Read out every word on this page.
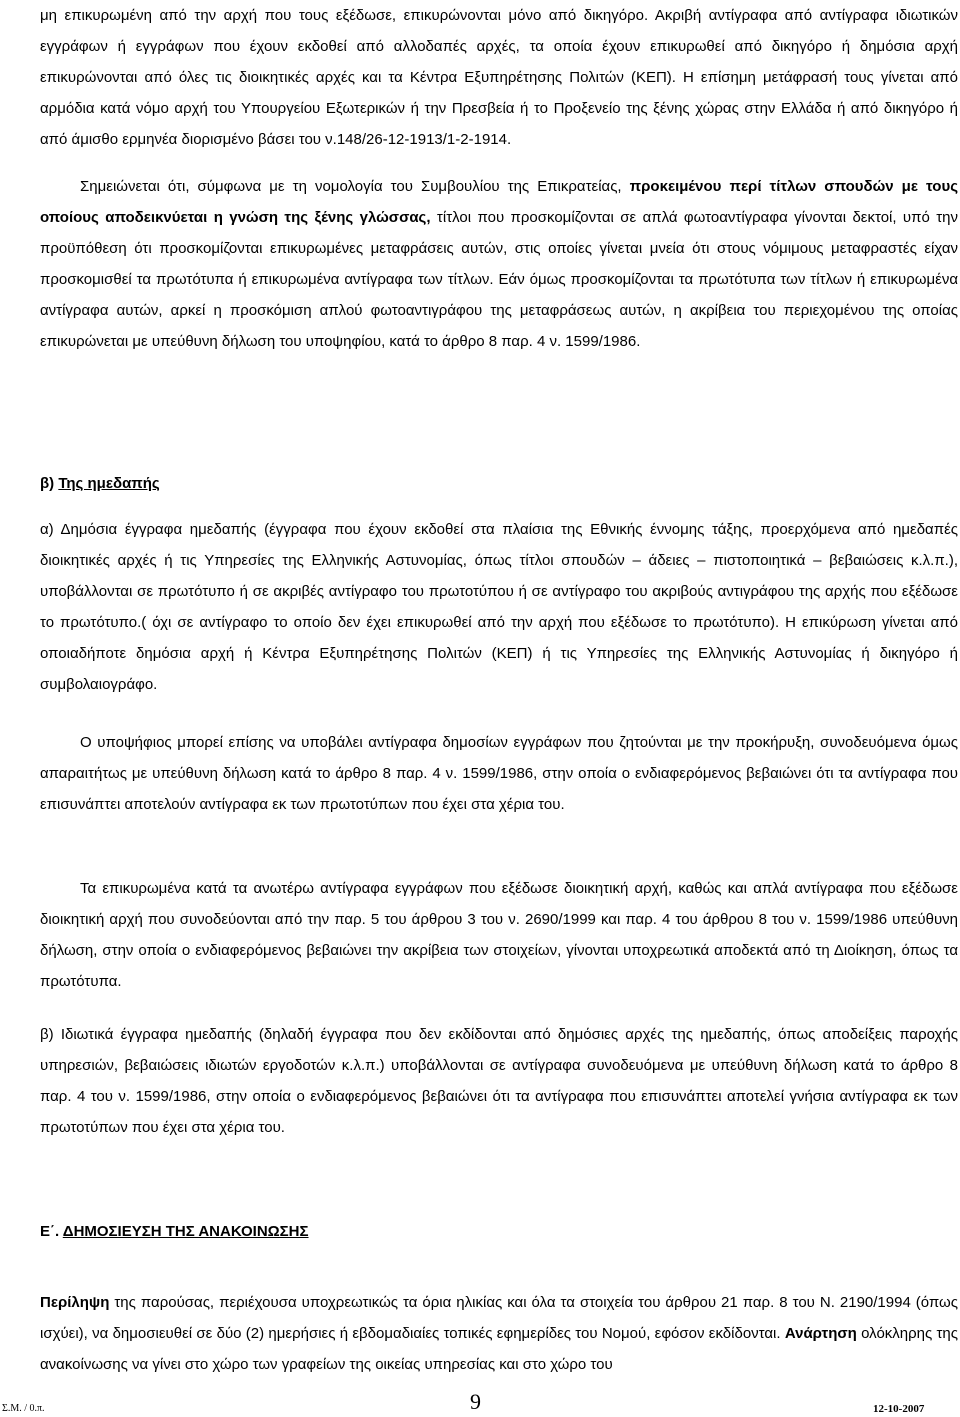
μη επικυρωμένη από την αρχή που τους εξέδωσε, επικυρώνονται μόνο από δικηγόρο. Ακριβή αντίγραφα από αντίγραφα ιδιωτικών εγγράφων ή εγγράφων που έχουν εκδοθεί από αλλοδαπές αρχές, τα οποία έχουν επικυρωθεί από δικηγόρο ή δημόσια αρχή επικυρώνονται από όλες τις διοικητικές αρχές και τα Κέντρα Εξυπηρέτησης Πολιτών (ΚΕΠ). Η επίσημη μετάφρασή τους γίνεται από αρμόδια κατά νόμο αρχή του Υπουργείου Εξωτερικών ή την Πρεσβεία ή το Προξενείο της ξένης χώρας στην Ελλάδα ή από δικηγόρο ή από άμισθο ερμηνέα διορισμένο βάσει του ν.148/26-12-1913/1-2-1914.

Σημειώνεται ότι, σύμφωνα με τη νομολογία του Συμβουλίου της Επικρατείας, προκειμένου περί τίτλων σπουδών με τους οποίους αποδεικνύεται η γνώση της ξένης γλώσσας, τίτλοι που προσκομίζονται σε απλά φωτοαντίγραφα γίνονται δεκτοί, υπό την προϋπόθεση ότι προσκομίζονται επικυρωμένες μεταφράσεις αυτών, στις οποίες γίνεται μνεία ότι στους νόμιμους μεταφραστές είχαν προσκομισθεί τα πρωτότυπα ή επικυρωμένα αντίγραφα των τίτλων. Εάν όμως προσκομίζονται τα πρωτότυπα των τίτλων ή επικυρωμένα αντίγραφα αυτών, αρκεί η προσκόμιση απλού φωτοαντιγράφου της μεταφράσεως αυτών, η ακρίβεια του περιεχομένου της οποίας επικυρώνεται με υπεύθυνη δήλωση του υποψηφίου, κατά το άρθρο 8 παρ. 4 ν. 1599/1986.

β) Της ημεδαπής

α) Δημόσια έγγραφα ημεδαπής (έγγραφα που έχουν εκδοθεί στα πλαίσια της Εθνικής έννομης τάξης, προερχόμενα από ημεδαπές διοικητικές αρχές ή τις Υπηρεσίες της Ελληνικής Αστυνομίας, όπως τίτλοι σπουδών – άδειες – πιστοποιητικά – βεβαιώσεις κ.λ.π.), υποβάλλονται σε πρωτότυπο ή σε ακριβές αντίγραφο του πρωτοτύπου ή σε αντίγραφο του ακριβούς αντιγράφου της αρχής που εξέδωσε το πρωτότυπο.( όχι σε αντίγραφο το οποίο δεν έχει επικυρωθεί από την αρχή που εξέδωσε το πρωτότυπο). Η επικύρωση γίνεται από οποιαδήποτε δημόσια αρχή ή Κέντρα Εξυπηρέτησης Πολιτών (ΚΕΠ) ή τις Υπηρεσίες της Ελληνικής Αστυνομίας ή δικηγόρο ή συμβολαιογράφο.

Ο υποψήφιος μπορεί επίσης να υποβάλει αντίγραφα δημοσίων εγγράφων που ζητούνται με την προκήρυξη, συνοδευόμενα όμως απαραιτήτως με υπεύθυνη δήλωση κατά το άρθρο 8 παρ. 4 ν. 1599/1986, στην οποία ο ενδιαφερόμενος βεβαιώνει ότι τα αντίγραφα που επισυνάπτει αποτελούν αντίγραφα εκ των πρωτοτύπων που έχει στα χέρια του.

Τα επικυρωμένα κατά τα ανωτέρω αντίγραφα εγγράφων που εξέδωσε διοικητική αρχή, καθώς και απλά αντίγραφα που εξέδωσε διοικητική αρχή που συνοδεύονται από την παρ. 5 του άρθρου 3 του ν. 2690/1999 και παρ. 4 του άρθρου 8 του ν. 1599/1986 υπεύθυνη δήλωση, στην οποία ο ενδιαφερόμενος βεβαιώνει την ακρίβεια των στοιχείων, γίνονται υποχρεωτικά αποδεκτά από τη Διοίκηση, όπως τα πρωτότυπα.

β) Ιδιωτικά έγγραφα ημεδαπής (δηλαδή έγγραφα που δεν εκδίδονται από δημόσιες αρχές της ημεδαπής, όπως αποδείξεις παροχής υπηρεσιών, βεβαιώσεις ιδιωτών εργοδοτών κ.λ.π.) υποβάλλονται σε αντίγραφα συνοδευόμενα με υπεύθυνη δήλωση κατά το άρθρο 8 παρ. 4 του ν. 1599/1986, στην οποία ο ενδιαφερόμενος βεβαιώνει ότι τα αντίγραφα που επισυνάπτει αποτελεί γνήσια αντίγραφα εκ των πρωτοτύπων που έχει στα χέρια του.

Ε΄. ΔΗΜΟΣΙΕΥΣΗ ΤΗΣ ΑΝΑΚΟΙΝΩΣΗΣ

Περίληψη της παρούσας, περιέχουσα υποχρεωτικώς τα όρια ηλικίας και όλα τα στοιχεία του άρθρου 21 παρ. 8 του Ν. 2190/1994 (όπως ισχύει), να δημοσιευθεί σε δύο (2) ημερήσιες ή εβδομαδιαίες τοπικές εφημερίδες του Νομού, εφόσον εκδίδονται. Ανάρτηση ολόκληρης της ανακοίνωσης να γίνει στο χώρο των γραφείων της οικείας υπηρεσίας και στο χώρο του

Σ.Μ. / 0.π.	9	12-10-2007
